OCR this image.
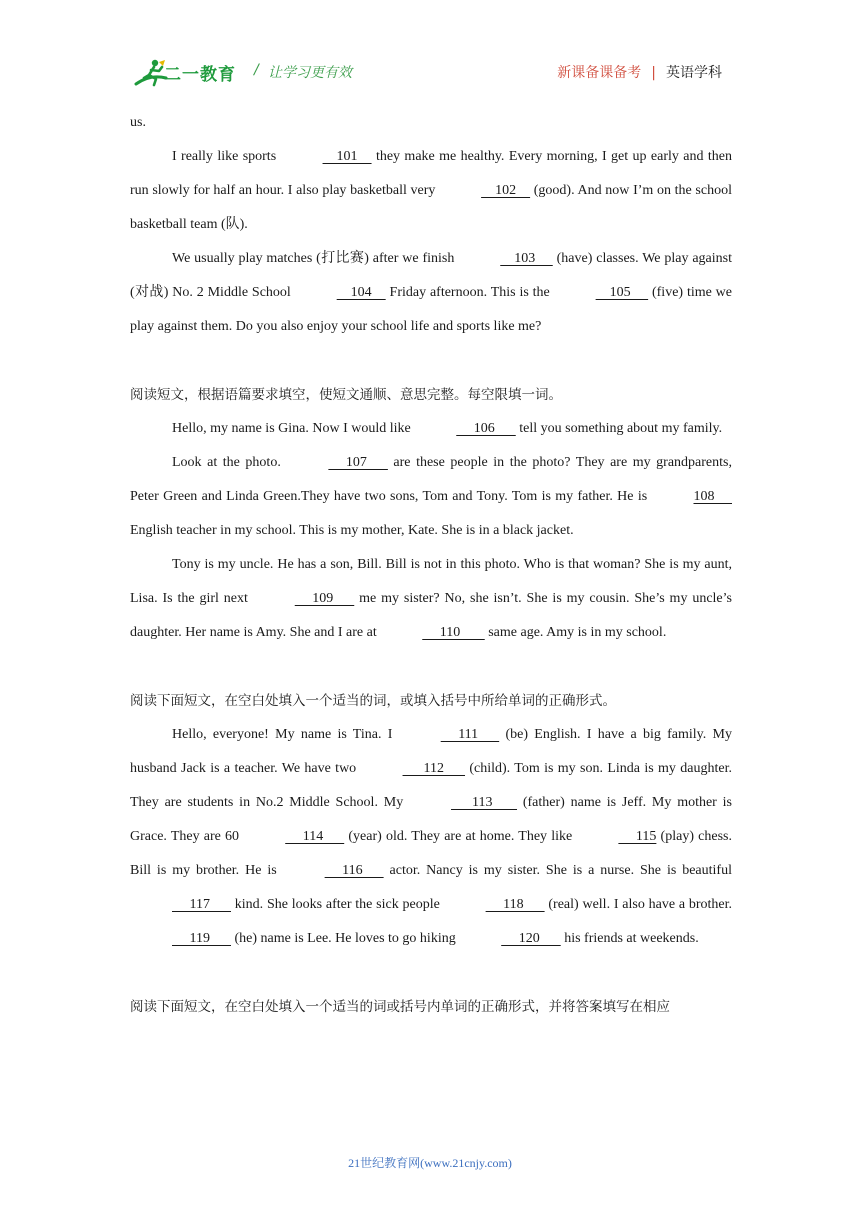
二一教育 / 让学习更有效	新课备课备考 | 英语学科

us.

I really like sports	101     they make me healthy. Every morning, I get up early and then run slowly for half an hour. I also play basketball very	102     (good). And now I’m on the school basketball team (队).

We usually play matches (打比赛) after we finish	103      (have) classes. We play against (对战) No. 2 Middle School	104     Friday afternoon. This is the	105      (five) time we play against them. Do you also enjoy your school life and sports like me?

阅读短文，根据语篇要求填空，使短文通顺、意思完整。每空限填一词。

Hello, my name is Gina. Now I would like	106       tell you something about my family.

Look at the photo.	107       are these people in the photo? They are my grandparents, Peter Green and Linda Green.They have two sons, Tom and Tony. Tom is my father. He is	108      English teacher in my school. This is my mother, Kate. She is in a black jacket.

Tony is my uncle. He has a son, Bill. Bill is not in this photo. Who is that woman? She is my aunt, Lisa. Is the girl next	109       me my sister? No, she isn’t. She is my cousin. She’s my uncle’s daughter. Her name is Amy. She and I are at	110        same age. Amy is in my school.

阅读下面短文，在空白处填入一个适当的词，或填入括号中所给单词的正确形式。

Hello, everyone! My name is Tina. I	111       (be) English. I have a big family. My husband Jack is a teacher. We have two	112       (child). Tom is my son. Linda is my daughter. They are students in No.2 Middle School. My	113        (father) name is Jeff. My mother is Grace. They are 60	114       (year) old. They are at home. They like	115 (play) chess. Bill is my brother. He is	116       actor. Nancy is my sister. She is a nurse. She is beautiful      117       kind. She looks after the sick people	118       (real) well. I also have a brother.      119       (he) name is Lee. He loves to go hiking	120       his friends at weekends.

阅读下面短文，在空白处填入一个适当的词或括号内单词的正确形式，并将答案填写在相应

21世纪教育网(www.21cnjy.com)
